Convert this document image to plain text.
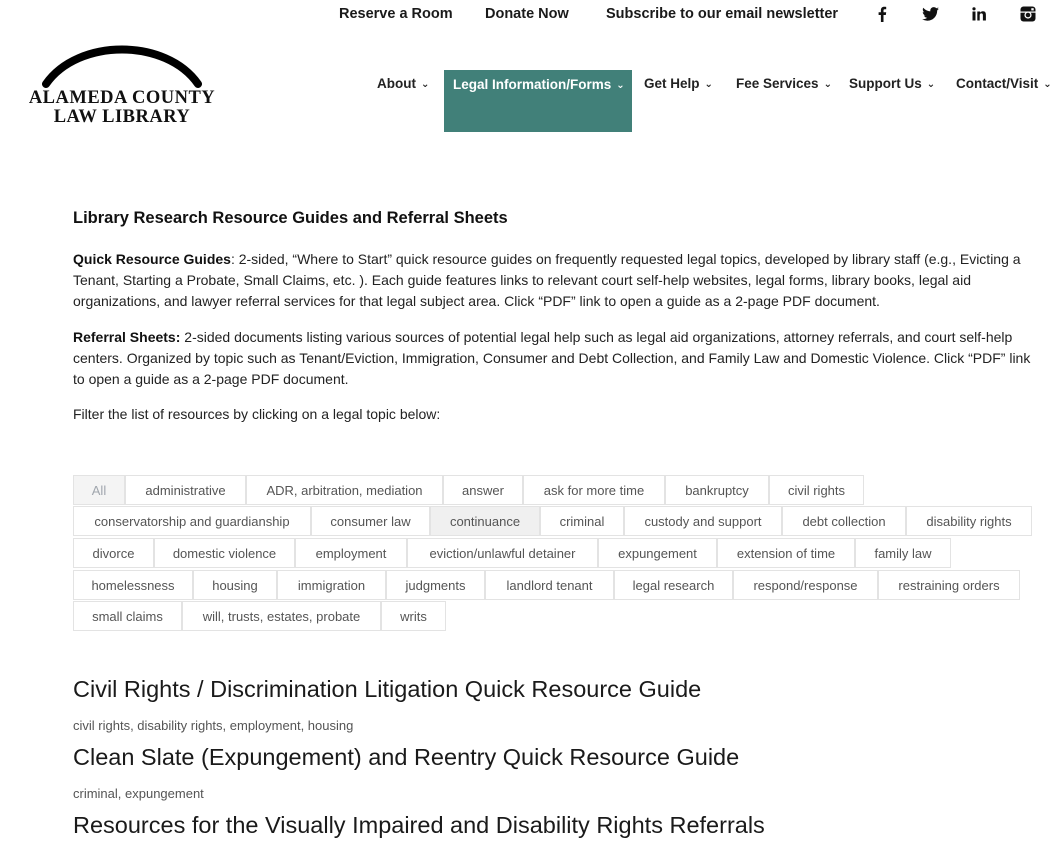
Reserve a Room Donate Now	Subscribe to our email newsletter
ALAMEDA COUNTY
LAW LIBRARY
About ⌄ Legal Information/Forms ⌄ Get Help ⌄ Fee Services ⌄ Support Us ⌄ Contact/Visit ⌄
Library Research Resource Guides and Referral Sheets
Quick Resource Guides: 2-sided, “Where to Start” quick resource guides on frequently requested legal topics, developed by library staff (e.g., Evicting a Tenant, Starting a Probate, Small Claims, etc. ). Each guide features links to relevant court self-help websites, legal forms, library books, legal aid organizations, and lawyer referral services for that legal subject area. Click “PDF” link to open a guide as a 2-page PDF document.
Referral Sheets: 2-sided documents listing various sources of potential legal help such as legal aid organizations, attorney referrals, and court self-help centers. Organized by topic such as Tenant/Eviction, Immigration, Consumer and Debt Collection, and Family Law and Domestic Violence. Click “PDF” link to open a guide as a 2-page PDF document.
Filter the list of resources by clicking on a legal topic below:
All	administrative	ADR, arbitration, mediation	answer	ask for more time	bankruptcy	civil rights
conservatorship and guardianship	consumer law	continuance	criminal	custody and support	debt collection	disability rights
divorce	domestic violence	employment	eviction/unlawful detainer	expungement	extension of time	family law
homelessness	housing	immigration	judgments	landlord tenant	legal research	respond/response	restraining orders
small claims	will, trusts, estates, probate	writs
Civil Rights / Discrimination Litigation Quick Resource Guide
civil rights, disability rights, employment, housing
Clean Slate (Expungement) and Reentry Quick Resource Guide
criminal, expungement
Resources for the Visually Impaired and Disability Rights Referrals
